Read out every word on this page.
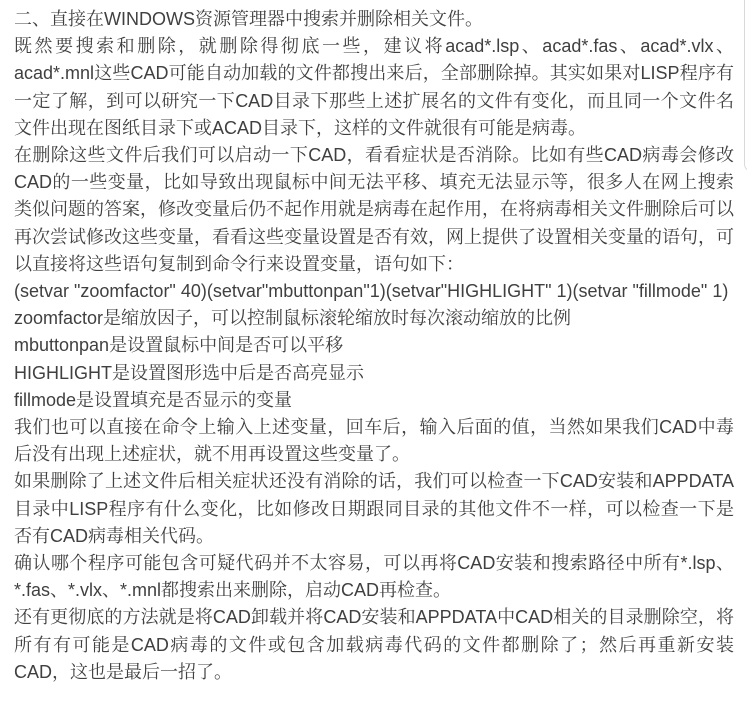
二、直接在WINDOWS资源管理器中搜索并删除相关文件。

既然要搜索和删除，就删除得彻底一些，建议将acad*.lsp、acad*.fas、acad*.vlx、acad*.mnl这些CAD可能自动加载的文件都搜出来后，全部删除掉。其实如果对LISP程序有一定了解，到可以研究一下CAD目录下那些上述扩展名的文件有变化，而且同一个文件名文件出现在图纸目录下或ACAD目录下，这样的文件就很有可能是病毒。

在删除这些文件后我们可以启动一下CAD，看看症状是否消除。比如有些CAD病毒会修改CAD的一些变量，比如导致出现鼠标中间无法平移、填充无法显示等，很多人在网上搜索类似问题的答案，修改变量后仍不起作用就是病毒在起作用，在将病毒相关文件删除后可以再次尝试修改这些变量，看看这些变量设置是否有效，网上提供了设置相关变量的语句，可以直接将这些语句复制到命令行来设置变量，语句如下：

(setvar "zoomfactor" 40)(setvar"mbuttonpan"1)(setvar"HIGHLIGHT" 1)(setvar "fillmode" 1)

zoomfactor是缩放因子，可以控制鼠标滚轮缩放时每次滚动缩放的比例

mbuttonpan是设置鼠标中间是否可以平移

HIGHLIGHT是设置图形选中后是否高亮显示

fillmode是设置填充是否显示的变量

我们也可以直接在命令上输入上述变量，回车后，输入后面的值，当然如果我们CAD中毒后没有出现上述症状，就不用再设置这些变量了。

如果删除了上述文件后相关症状还没有消除的话，我们可以检查一下CAD安装和APPDATA目录中LISP程序有什么变化，比如修改日期跟同目录的其他文件不一样，可以检查一下是否有CAD病毒相关代码。

确认哪个程序可能包含可疑代码并不太容易，可以再将CAD安装和搜索路径中所有*.lsp、*.fas、*.vlx、*.mnl都搜索出来删除，启动CAD再检查。

还有更彻底的方法就是将CAD卸载并将CAD安装和APPDATA中CAD相关的目录删除空，将所有有可能是CAD病毒的文件或包含加载病毒代码的文件都删除了；然后再重新安装CAD，这也是最后一招了。
